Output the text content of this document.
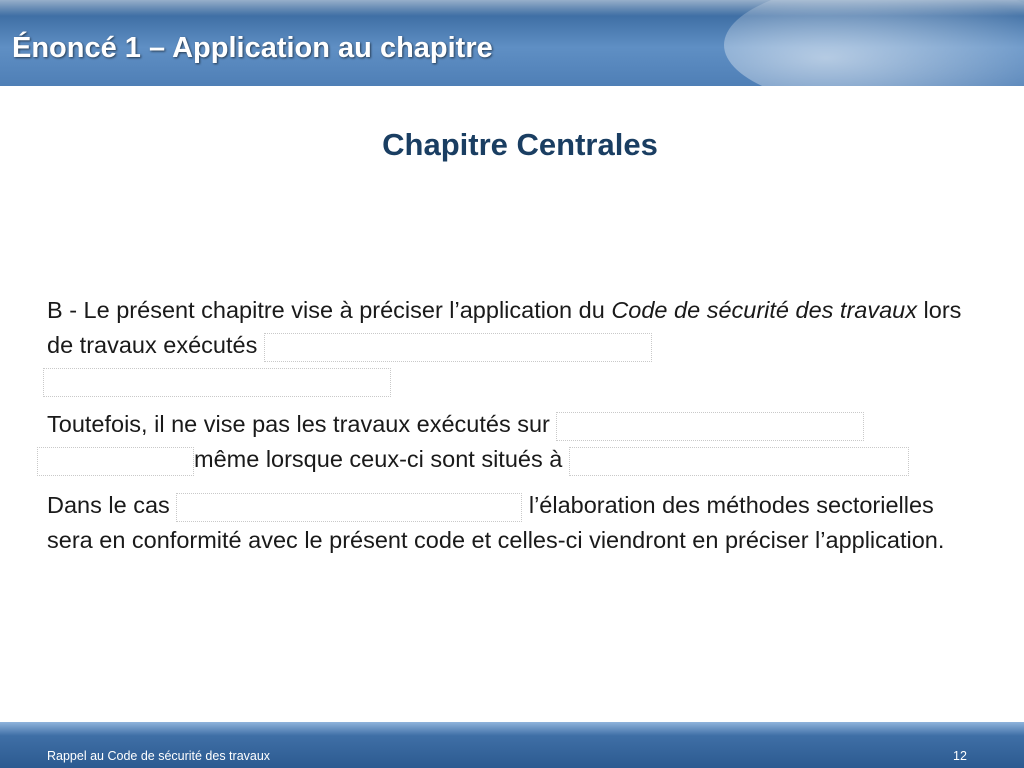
Énoncé 1 – Application au chapitre
Chapitre Centrales
B - Le présent chapitre vise à préciser l’application du Code de sécurité des travaux lors de travaux exécutés
Toutefois, il ne vise pas les travaux exécutés sur  même lorsque ceux-ci sont situés à
Dans le cas	l’élaboration des méthodes sectorielles sera en conformité avec le présent code et celles-ci viendront en préciser l’application.
Rappel au Code de sécurité des travaux	12
